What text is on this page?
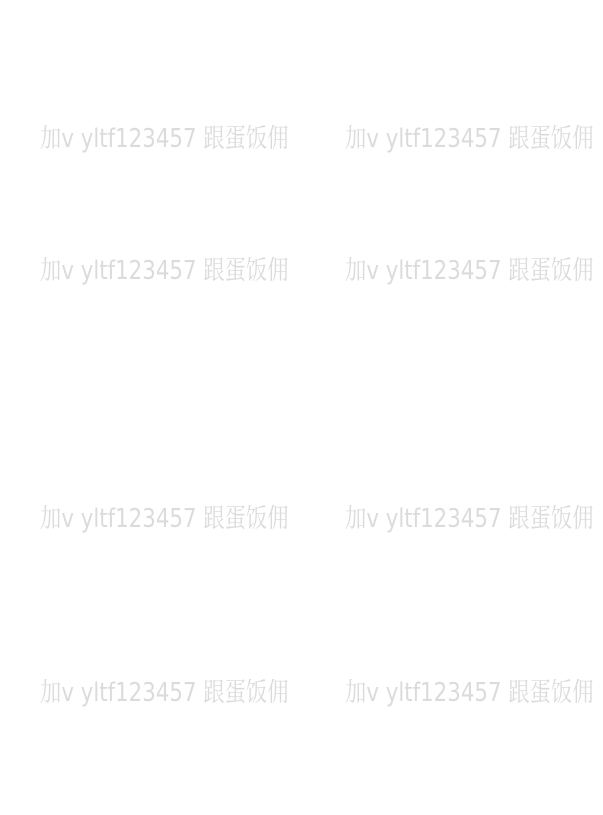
加v yltf123457 跟蛋饭佣 加v yltf123457 跟蛋饭佣
加v yltf123457 跟蛋饭佣 加v yltf123457 跟蛋饭佣
加v yltf123457 跟蛋饭佣 加v yltf123457 跟蛋饭佣
加v yltf123457 跟蛋饭佣 加v yltf123457 跟蛋饭佣
